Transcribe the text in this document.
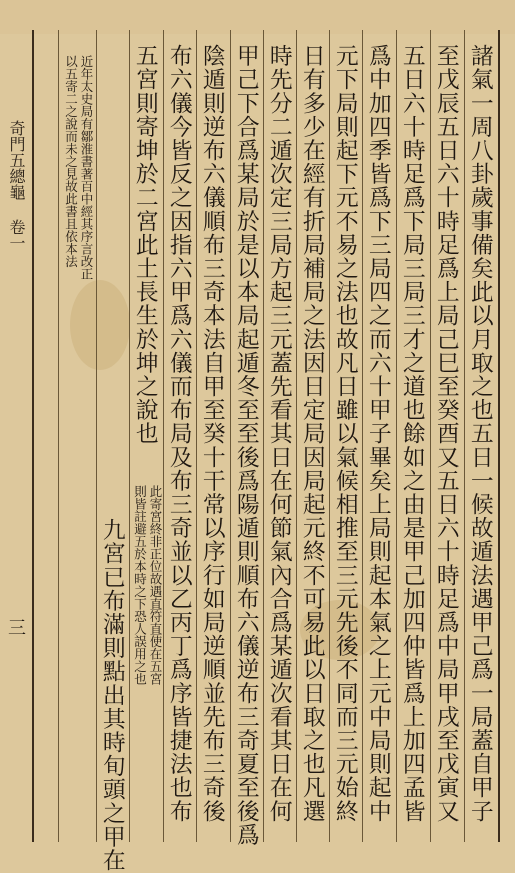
諸氣一周八卦歲事備矣此以月取之也五日一候故遁法遇甲己爲一局蓋自甲子
至戊辰五日六十時足爲上局己巳至癸酉又五日六十時足爲中局甲戌至戊寅又
五日六十時足爲下局三局三才之道也餘如之由是甲己加四仲皆爲上加四孟皆
爲中加四季皆爲下三局四之而六十甲子畢矣上局則起本氣之上元中局則起中
元下局則起下元不易之法也故凡日雖以氣候相推至三元先後不同而三元始終
日有多少在經有折局補局之法因日定局因局起元終不可易此以日取之也凡選
時先分二遁次定三局方起三元蓋先看其日在何節氣內合爲某遁次看其日在何
甲己下合爲某局於是以本局起遁冬至至後爲陽遁則順布六儀逆布三奇夏至後爲
陰遁則逆布六儀順布三奇本法自甲至癸十干常以序行如局逆順並先布三奇後
布六儀今皆反之因指六甲爲六儀而布局及布三奇並以乙丙丁爲序皆捷法也布
五宮則寄坤於二宮此土長生於坤之說也
此寄宮終非正位故遇直符直使在五宮
則皆註避五於本時之下恐人誤用之也
九宮已布滿則點出其時旬頭之甲在
近年太史局有鄒淮書著百中經其序言改正
以五寄二之說而未之見故此書且依本法
奇門五總龜 卷一
三
